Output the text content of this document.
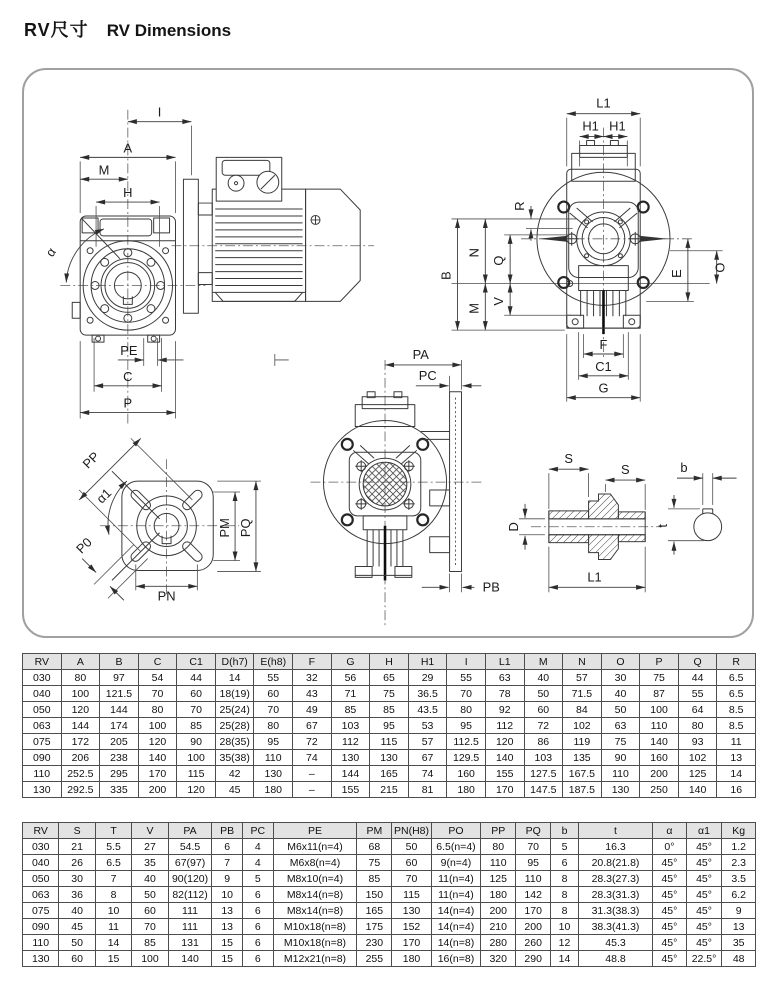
RV尺寸 RV Dimensions
I
A
M
H
α
PE
C
P
L1
H1 H1
R
B
N
M
Q
V
O
E
F
C1
G
PA
PC
PB
PP
α1
P0
PM PQ
PN
S
S
D
L1
b
t
RV	A	B	C	C1	D(h7)	E(h8)	F	G	H	H1	I	L1	M	N	O	P	Q	R
030	80	97	54	44	14	55	32	56	65	29	55	63	40	57	30	75	44	6.5
040	100	121.5	70	60	18(19)	60	43	71	75	36.5	70	78	50	71.5	40	87	55	6.5
050	120	144	80	70	25(24)	70	49	85	85	43.5	80	92	60	84	50	100	64	8.5
063	144	174	100	85	25(28)	80	67	103	95	53	95	112	72	102	63	110	80	8.5
075	172	205	120	90	28(35)	95	72	112	115	57	112.5	120	86	119	75	140	93	11
090	206	238	140	100	35(38)	110	74	130	130	67	129.5	140	103	135	90	160	102	13
110	252.5	295	170	115	42	130	–	144	165	74	160	155	127.5	167.5	110	200	125	14
130	292.5	335	200	120	45	180	–	155	215	81	180	170	147.5	187.5	130	250	140	16
RV	S	T	V	PA	PB	PC	PE	PM	PN(H8)	PO	PP	PQ	b	t	α	α1	Kg
030	21	5.5	27	54.5	6	4	M6x11(n=4)	68	50	6.5(n=4)	80	70	5	16.3	0°	45°	1.2
040	26	6.5	35	67(97)	7	4	M6x8(n=4)	75	60	9(n=4)	110	95	6	20.8(21.8)	45°	45°	2.3
050	30	7	40	90(120)	9	5	M8x10(n=4)	85	70	11(n=4)	125	110	8	28.3(27.3)	45°	45°	3.5
063	36	8	50	82(112)	10	6	M8x14(n=8)	150	115	11(n=4)	180	142	8	28.3(31.3)	45°	45°	6.2
075	40	10	60	111	13	6	M8x14(n=8)	165	130	14(n=4)	200	170	8	31.3(38.3)	45°	45°	9
090	45	11	70	111	13	6	M10x18(n=8)	175	152	14(n=4)	210	200	10	38.3(41.3)	45°	45°	13
110	50	14	85	131	15	6	M10x18(n=8)	230	170	14(n=8)	280	260	12	45.3	45°	45°	35
130	60	15	100	140	15	6	M12x21(n=8)	255	180	16(n=8)	320	290	14	48.8	45°	22.5°	48
